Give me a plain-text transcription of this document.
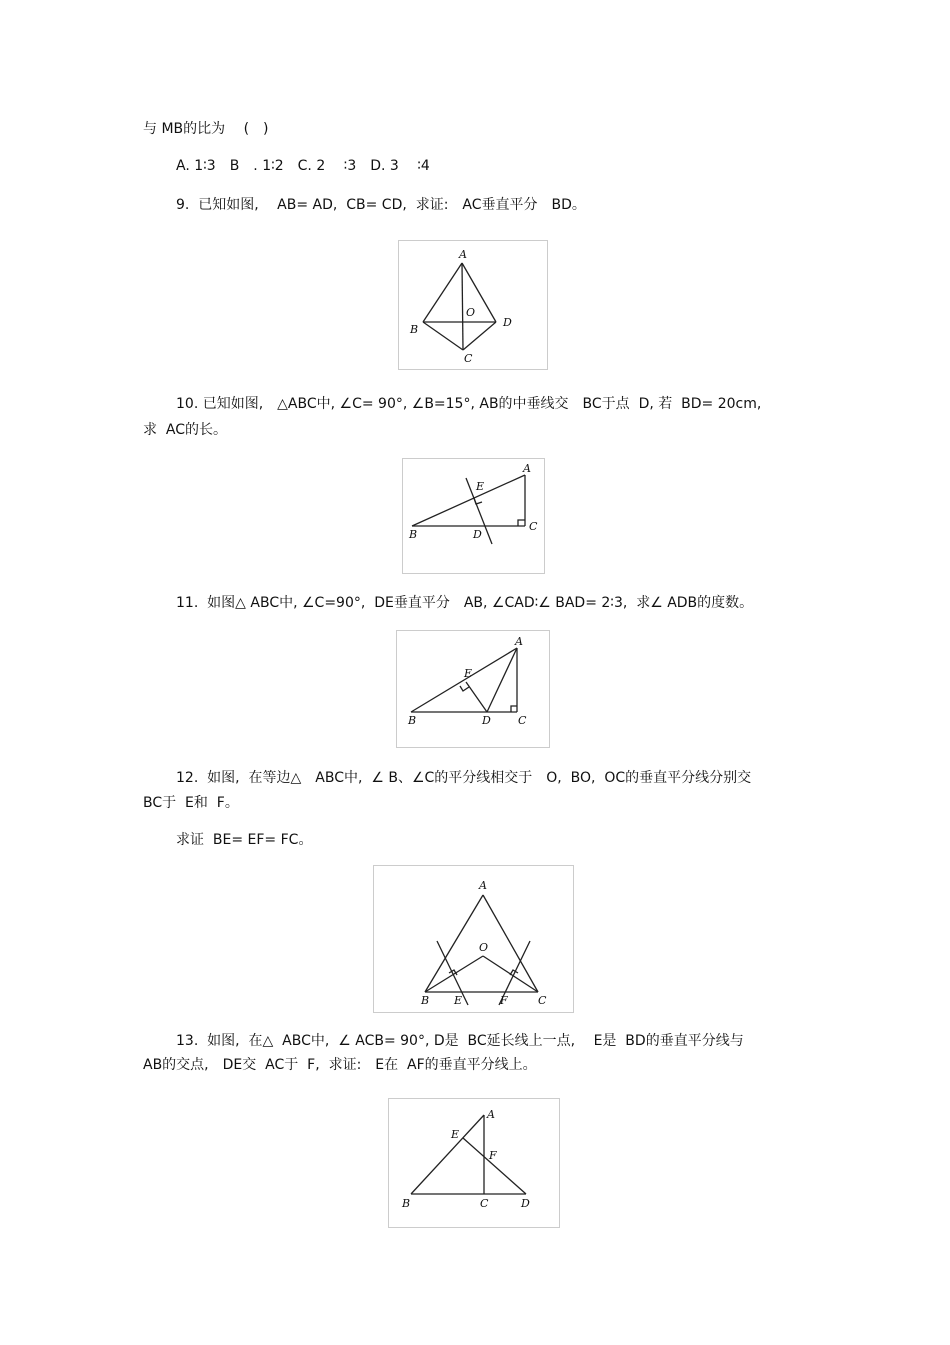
与 MB的比为　 (　)
A. 1∶3　B　. 1∶2　C. 2　 ∶3　D. 3　 ∶4
9.  已知如图,　 AB= AD,  CB= CD,  求证:　AC垂直平分　BD。
A
O
B
D
C
10. 已知如图,　△ABC中, ∠C= 90°, ∠B=15°, AB的中垂线交　BC于点  D, 若  BD= 20cm,
求  AC的长。
A
E
B	D
C
11.  如图△ ABC中, ∠C=90°,  DE垂直平分　AB, ∠CAD∶∠ BAD= 2∶3,  求∠ ADB的度数。
A
E
B	D C
12.  如图,  在等边△　ABC中,  ∠ B、∠C的平分线相交于　O,  BO,  OC的垂直平分线分别交
BC于  E和  F。
求证  BE= EF= FC。
A
O
B E	F	C
13.  如图,  在△  ABC中,  ∠ ACB= 90°, D是  BC延长线上一点,　 E是  BD的垂直平分线与
AB的交点,　DE交  AC于  F,  求证:　E在  AF的垂直平分线上。
A
E
F
B	C	D
